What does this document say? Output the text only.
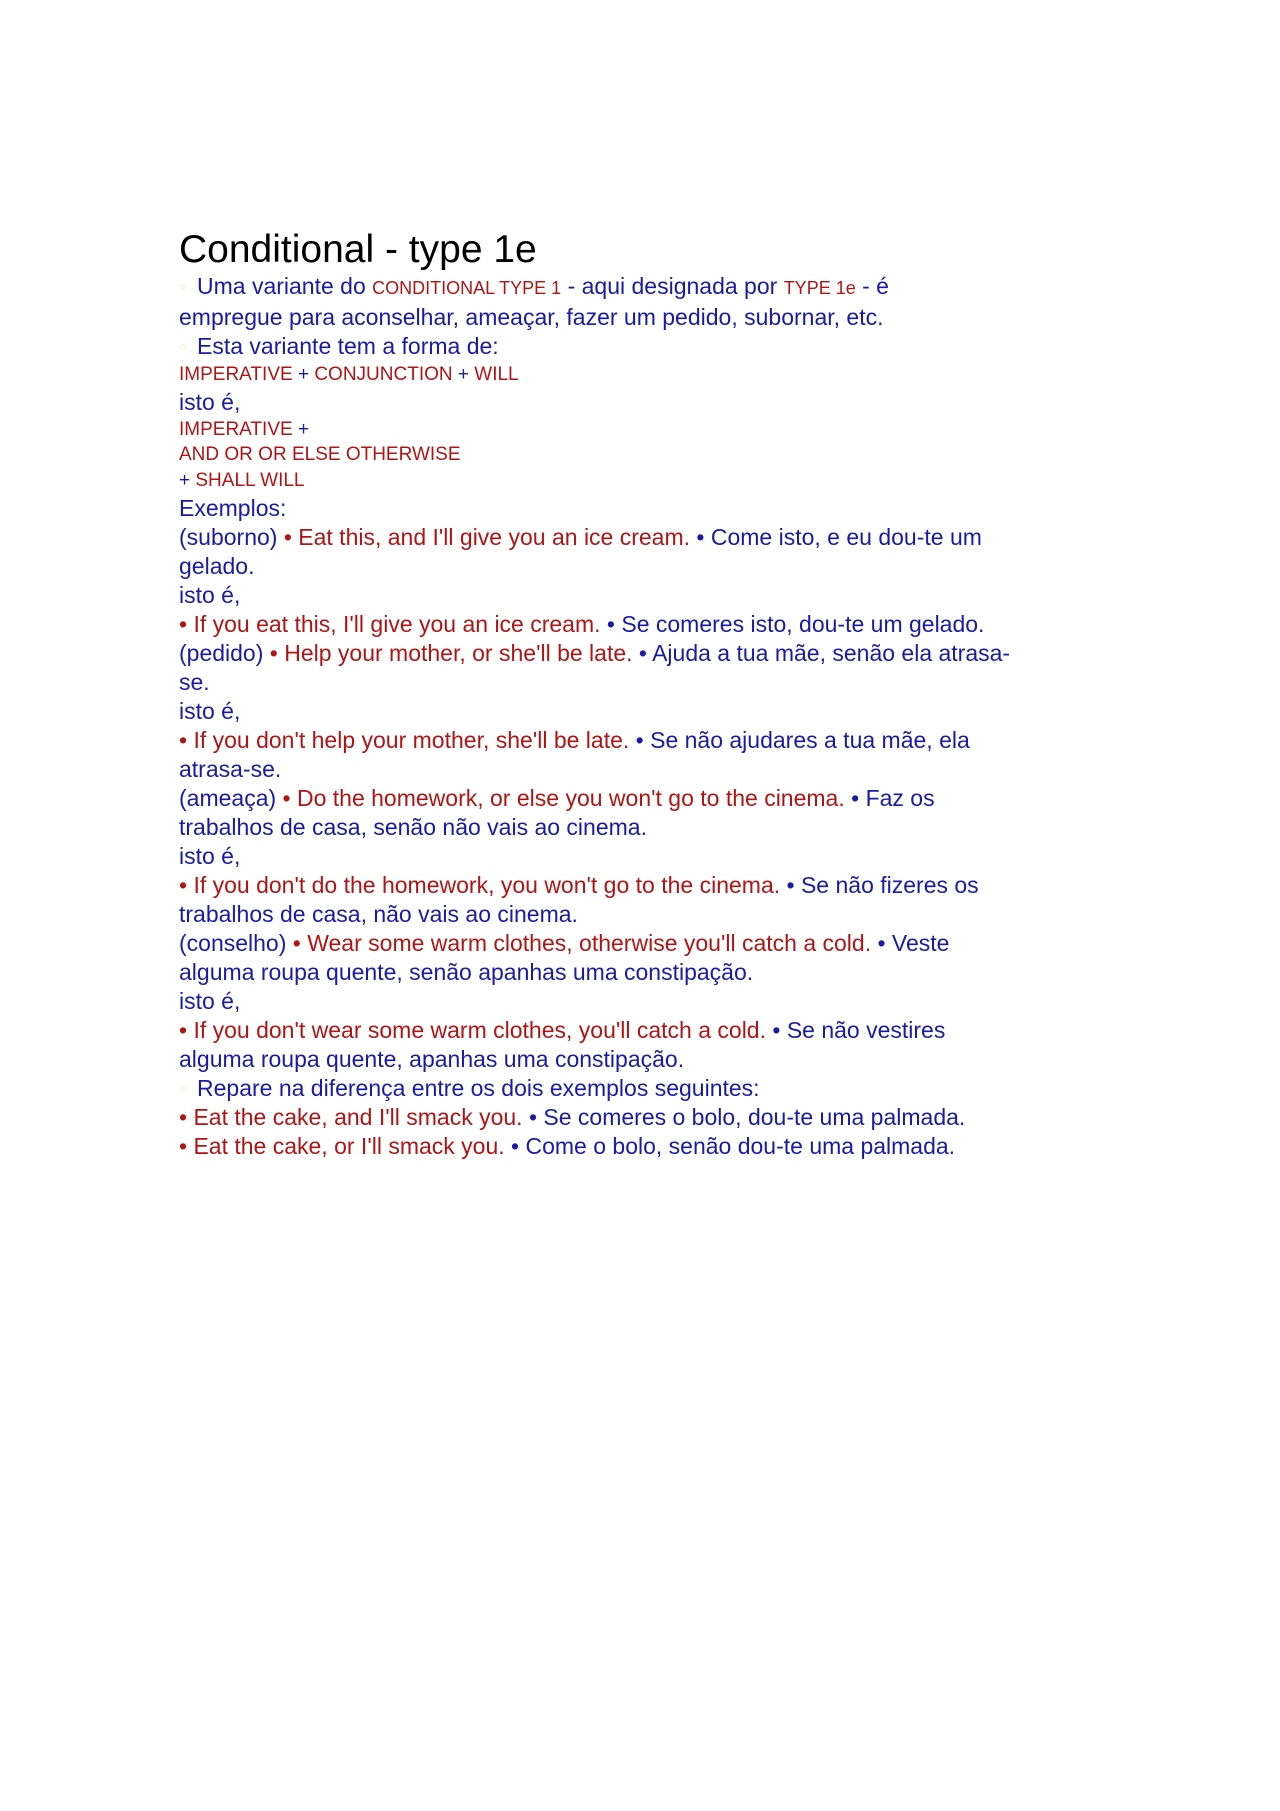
Conditional - type 1e

◦ Uma variante do CONDITIONAL TYPE 1 - aqui designada por TYPE 1e - é
empregue para aconselhar, ameaçar, fazer um pedido, subornar, etc.

◦ Esta variante tem a forma de:

IMPERATIVE + CONJUNCTION + WILL

isto é,

IMPERATIVE +

AND OR OR ELSE OTHERWISE

+ SHALL WILL

Exemplos:

(suborno) • Eat this, and I'll give you an ice cream. • Come isto, e eu dou-te um
gelado.

isto é,

• If you eat this, I'll give you an ice cream. • Se comeres isto, dou-te um gelado.

(pedido) • Help your mother, or she'll be late. • Ajuda a tua mãe, senão ela atrasa-
se.

isto é,

• If you don't help your mother, she'll be late. • Se não ajudares a tua mãe, ela
atrasa-se.

(ameaça) • Do the homework, or else you won't go to the cinema. • Faz os
trabalhos de casa, senão não vais ao cinema.

isto é,

• If you don't do the homework, you won't go to the cinema. • Se não fizeres os
trabalhos de casa, não vais ao cinema.

(conselho) • Wear some warm clothes, otherwise you'll catch a cold. • Veste
alguma roupa quente, senão apanhas uma constipação.

isto é,

• If you don't wear some warm clothes, you'll catch a cold. • Se não vestires
alguma roupa quente, apanhas uma constipação.

◦ Repare na diferença entre os dois exemplos seguintes:

• Eat the cake, and I'll smack you. • Se comeres o bolo, dou-te uma palmada.

• Eat the cake, or I'll smack you. • Come o bolo, senão dou-te uma palmada.
